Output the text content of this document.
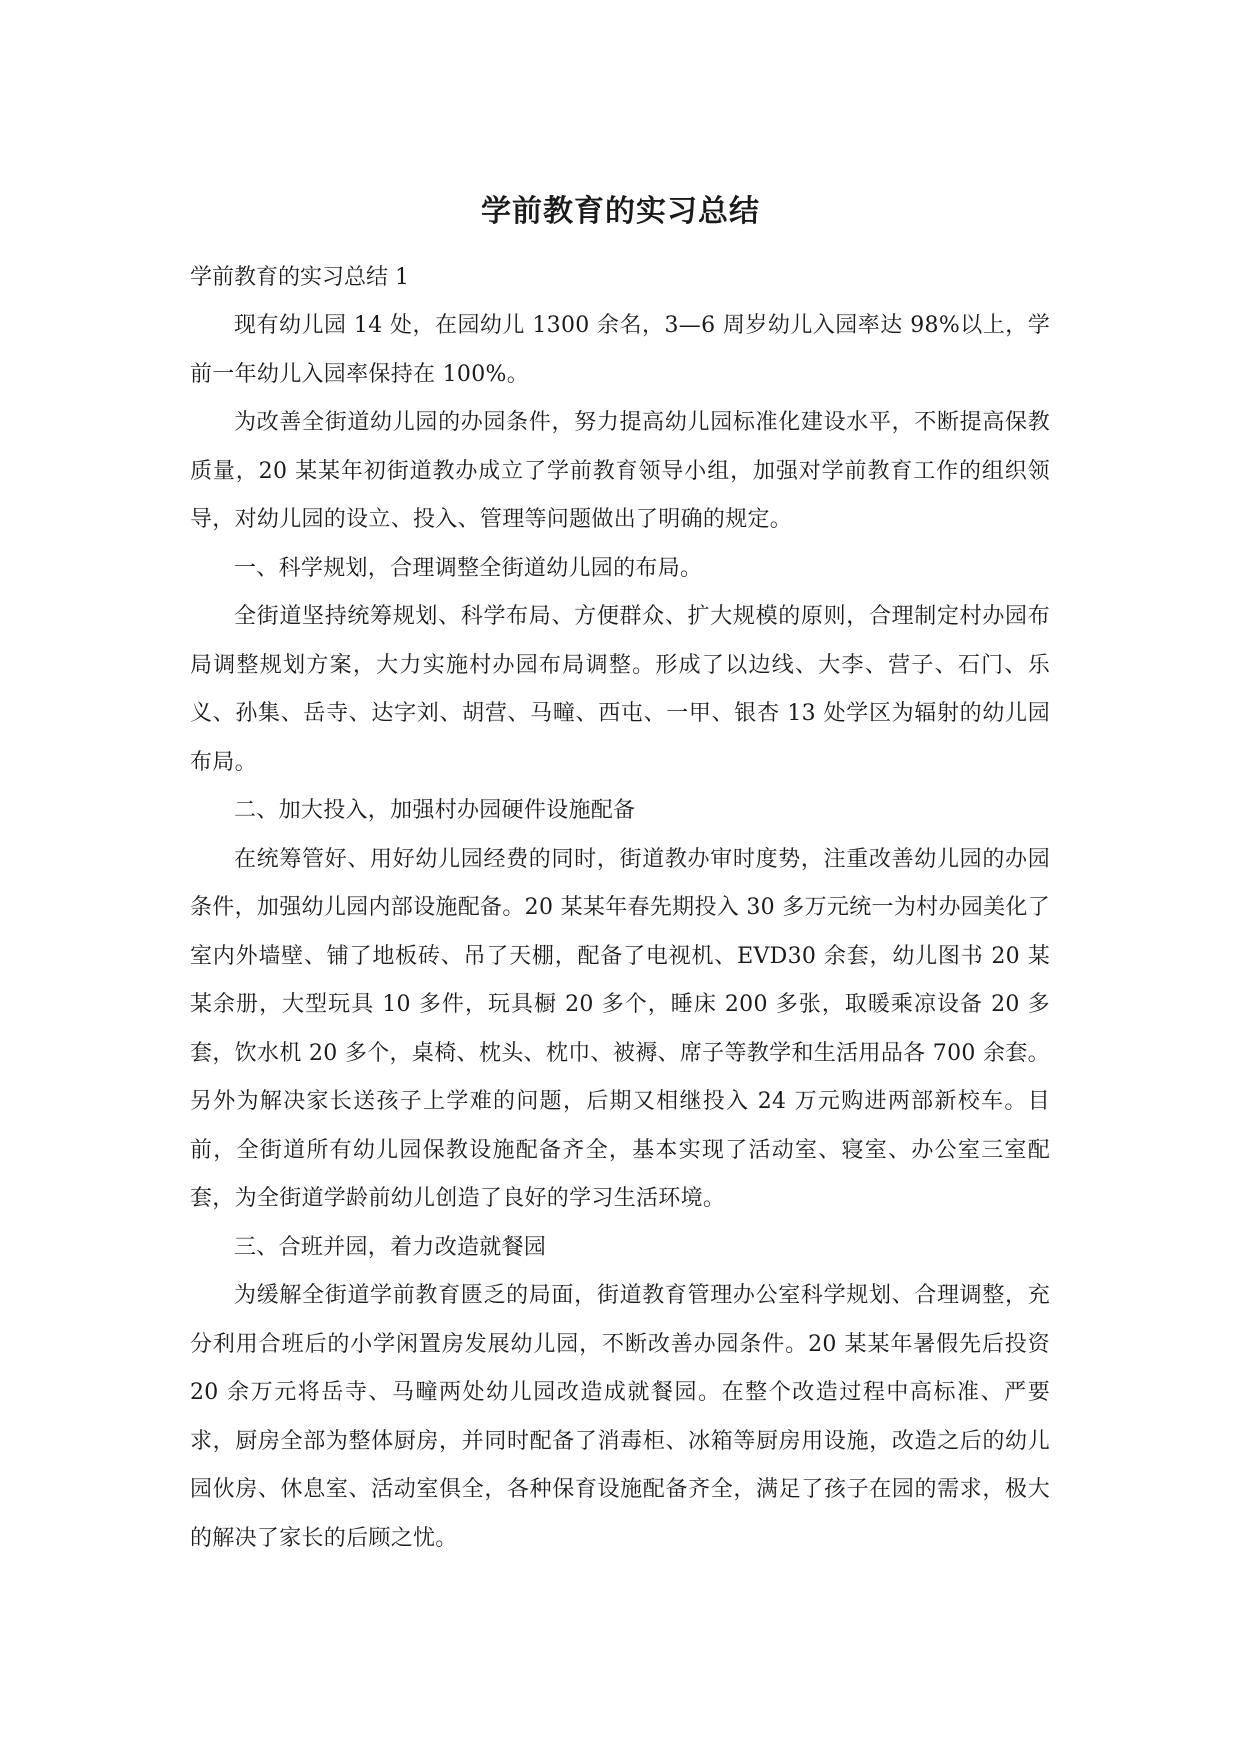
学前教育的实习总结

学前教育的实习总结 1

现有幼儿园 14 处，在园幼儿 1300 余名，3—6 周岁幼儿入园率达 98%以上，学前一年幼儿入园率保持在 100%。

为改善全街道幼儿园的办园条件，努力提高幼儿园标准化建设水平，不断提高保教质量，20 某某年初街道教办成立了学前教育领导小组，加强对学前教育工作的组织领导，对幼儿园的设立、投入、管理等问题做出了明确的规定。

一、科学规划，合理调整全街道幼儿园的布局。

全街道坚持统筹规划、科学布局、方便群众、扩大规模的原则，合理制定村办园布局调整规划方案，大力实施村办园布局调整。形成了以边线、大李、营子、石门、乐义、孙集、岳寺、达字刘、胡营、马疃、西屯、一甲、银杏 13 处学区为辐射的幼儿园布局。

二、加大投入，加强村办园硬件设施配备

在统筹管好、用好幼儿园经费的同时，街道教办审时度势，注重改善幼儿园的办园条件，加强幼儿园内部设施配备。20 某某年春先期投入 30 多万元统一为村办园美化了室内外墙壁、铺了地板砖、吊了天棚，配备了电视机、EVD30 余套，幼儿图书 20 某某余册，大型玩具 10 多件，玩具橱 20 多个，睡床 200 多张，取暖乘凉设备 20 多套，饮水机 20 多个，桌椅、枕头、枕巾、被褥、席子等教学和生活用品各 700 余套。另外为解决家长送孩子上学难的问题，后期又相继投入 24 万元购进两部新校车。目前，全街道所有幼儿园保教设施配备齐全，基本实现了活动室、寝室、办公室三室配套，为全街道学龄前幼儿创造了良好的学习生活环境。

三、合班并园，着力改造就餐园

为缓解全街道学前教育匮乏的局面，街道教育管理办公室科学规划、合理调整，充分利用合班后的小学闲置房发展幼儿园，不断改善办园条件。20 某某年暑假先后投资 20 余万元将岳寺、马疃两处幼儿园改造成就餐园。在整个改造过程中高标准、严要求，厨房全部为整体厨房，并同时配备了消毒柜、冰箱等厨房用设施，改造之后的幼儿园伙房、休息室、活动室俱全，各种保育设施配备齐全，满足了孩子在园的需求，极大的解决了家长的后顾之忧。
